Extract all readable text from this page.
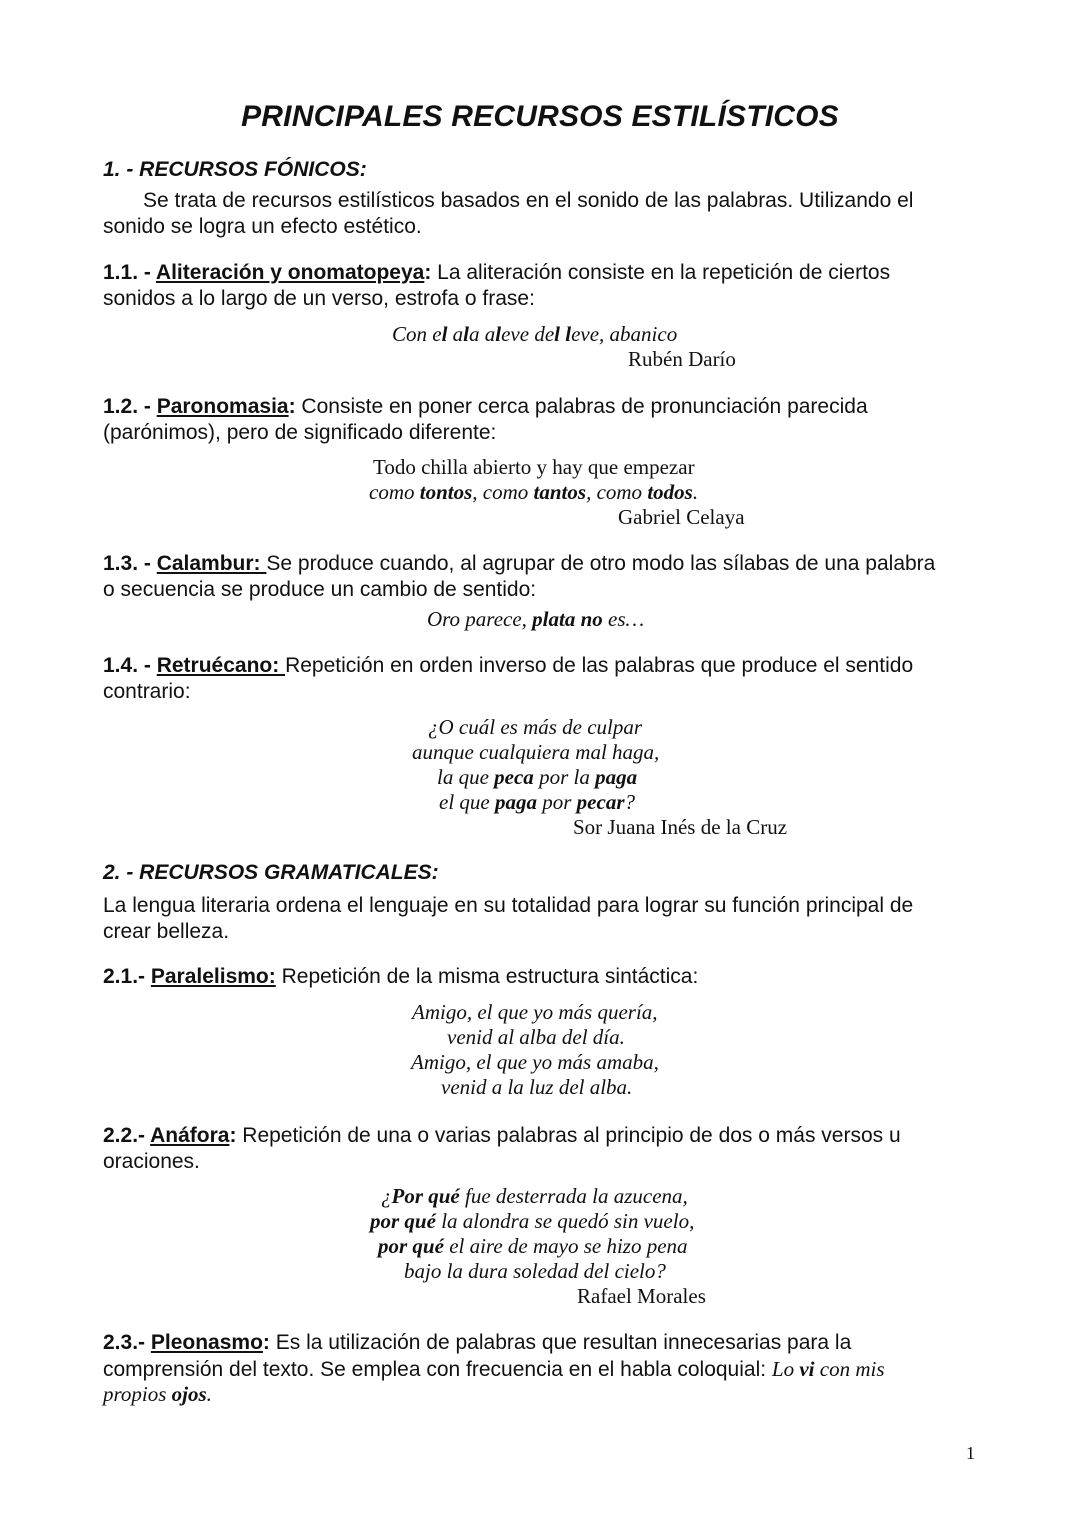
PRINCIPALES RECURSOS ESTILÍSTICOS
1. - RECURSOS FÓNICOS:
Se trata de recursos estilísticos basados en el sonido de las palabras. Utilizando el
sonido se logra un efecto estético.
1.1. - Aliteración y onomatopeya: La aliteración consiste en la repetición de ciertos
sonidos a lo largo de un verso, estrofa o frase:
Con el ala aleve del leve, abanico
Rubén Darío
1.2. - Paronomasia: Consiste en poner cerca palabras de pronunciación parecida
(parónimos), pero de significado diferente:
Todo chilla abierto y hay que empezar
como tontos, como tantos, como todos.
Gabriel Celaya
1.3. - Calambur: Se produce cuando, al agrupar de otro modo las sílabas de una palabra
o secuencia se produce un cambio de sentido:
Oro parece, plata no es…
1.4. - Retruécano: Repetición en orden inverso de las palabras que produce el sentido
contrario:
¿O cuál es más de culpar
aunque cualquiera mal haga,
la que peca por la paga
el que paga por pecar?
Sor Juana Inés de la Cruz
2. - RECURSOS GRAMATICALES:
La lengua literaria ordena el lenguaje en su totalidad para lograr su función principal de
crear belleza.
2.1.- Paralelismo: Repetición de la misma estructura sintáctica:
Amigo, el que yo más quería,
venid al alba del día.
Amigo, el que yo más amaba,
venid a la luz del alba.
2.2.- Anáfora: Repetición de una o varias palabras al principio de dos o más versos u
oraciones.
¿Por qué fue desterrada la azucena,
por qué la alondra se quedó sin vuelo,
por qué el aire de mayo se hizo pena
bajo la dura soledad del cielo?
Rafael Morales
2.3.- Pleonasmo: Es la utilización de palabras que resultan innecesarias para la
comprensión del texto. Se emplea con frecuencia en el habla coloquial: Lo vi con mis
propios ojos.
1
